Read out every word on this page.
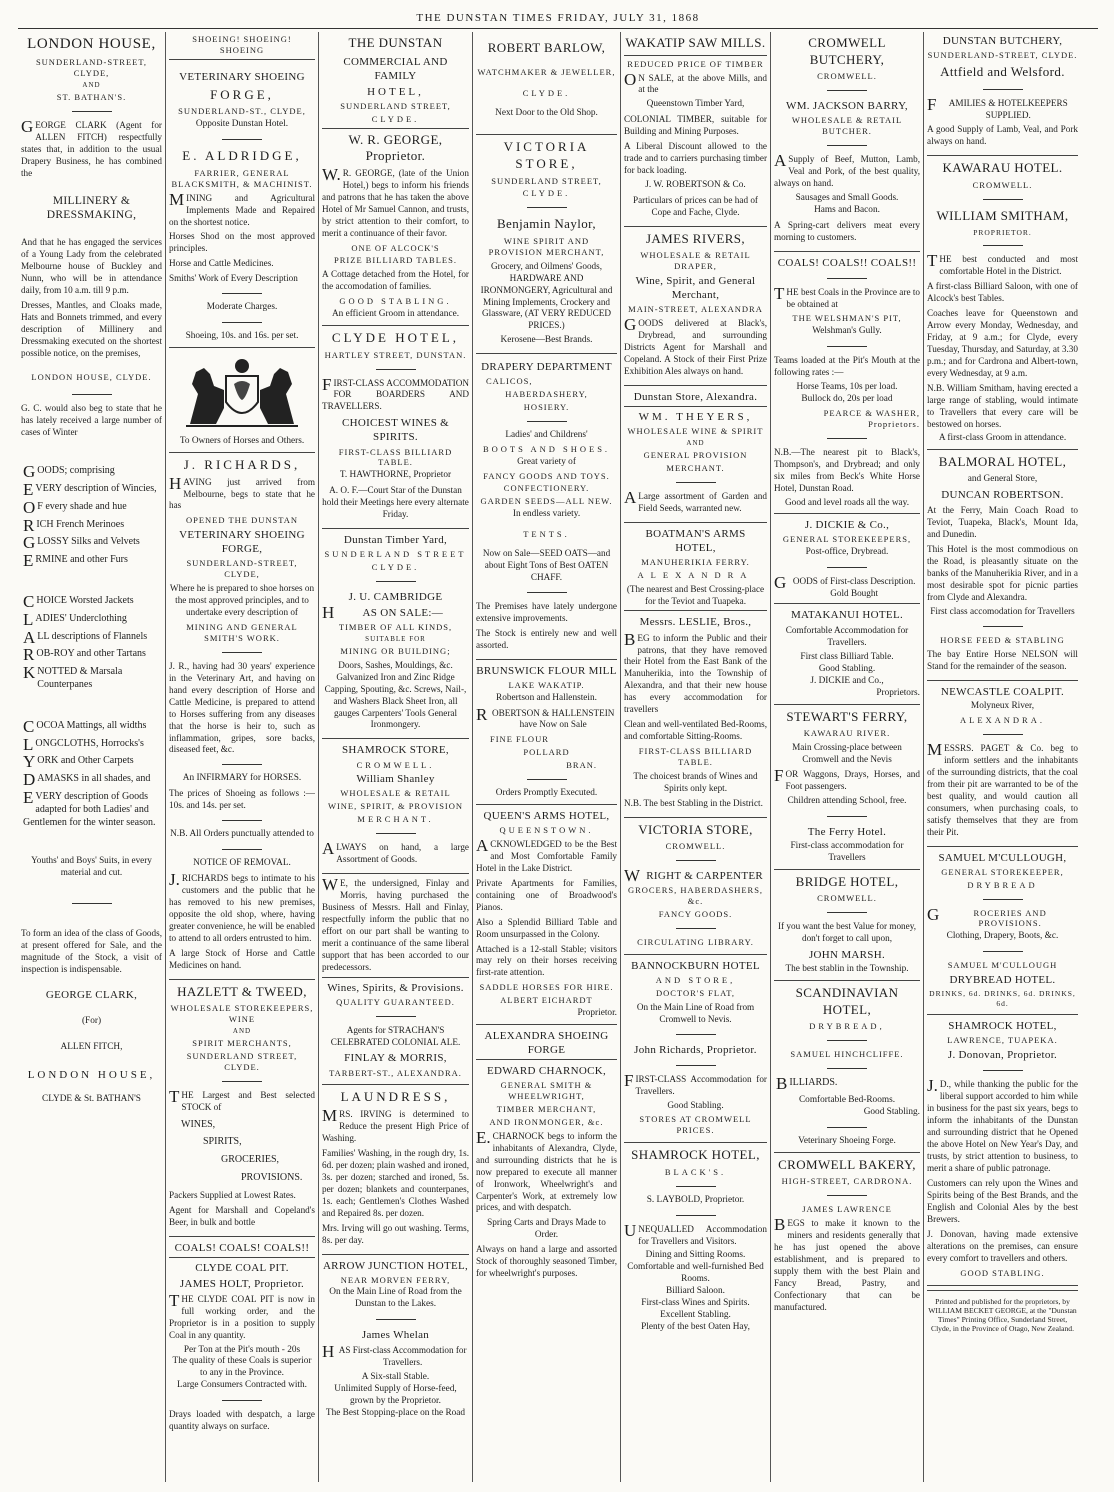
THE DUNSTAN TIMES FRIDAY, JULY 31, 1868
LONDON HOUSE,
SUNDERLAND-STREET, CLYDE,
AND
ST. BATHAN'S.
GEORGE CLARK (Agent for ALLEN FITCH) respectfully states that, in addition to the usual Drapery Business, he has combined the
MILLINERY & DRESSMAKING,
And that he has engaged the services of a Young Lady from the celebrated Melbourne house of Buckley and Nunn, who will be in attendance daily, from 10 a.m. till 9 p.m.
Dresses, Mantles, and Cloaks made, Hats and Bonnets trimmed, and every description of Millinery and Dressmaking executed on the shortest possible notice, on the premises,
LONDON HOUSE, CLYDE.
G. C. would also beg to state that he has lately received a large number of cases of Winter
GOODS; comprising
EVERY description of Wincies,
OF every shade and hue
RICH French Merinoes
GLOSSY Silks and Velvets
ERMINE and other Furs
CHOICE Worsted Jackets
LADIES' Underclothing
ALL descriptions of Flannels
ROB-ROY and other Tartans
KNOTTED & Marsala Counterpanes
COCOA Mattings, all widths
LONGCLOTHS, Horrocks's
YORK and Other Carpets
DAMASKS in all shades, and
EVERY description of Goods adapted for both Ladies' and Gentlemen for the winter season.
Youths' and Boys' Suits, in every material and cut.
To form an idea of the class of Goods, at present offered for Sale, and the magnitude of the Stock, a visit of inspection is indispensable.
GEORGE CLARK,
(For)
ALLEN FITCH,
LONDON HOUSE,
CLYDE & St. BATHAN'S
SHOEING! SHOEING! SHOEING
VETERINARY SHOEING
FORGE,
SUNDERLAND-ST., CLYDE,
Opposite Dunstan Hotel.
E. ALDRIDGE,
FARRIER, GENERAL BLACKSMITH, & MACHINIST.
MINING and Agricultural Implements Made and Repaired on the shortest notice.
Horses Shod on the most approved principles.
Horse and Cattle Medicines.
Smiths' Work of Every Description
Moderate Charges.
Shoeing, 10s. and 16s. per set.
To Owners of Horses and Others.
J. RICHARDS,
HAVING just arrived from Melbourne, begs to state that he has
OPENED THE DUNSTAN
VETERINARY SHOEING FORGE,
SUNDERLAND-STREET, CLYDE,
Where he is prepared to shoe horses on the most approved principles, and to undertake every description of
MINING AND GENERAL SMITH'S WORK.
J. R., having had 30 years' experience in the Veterinary Art, and having on hand every description of Horse and Cattle Medicine, is prepared to attend to Horses suffering from any diseases that the horse is heir to, such as inflammation, gripes, sore backs, diseased feet, &c.
An INFIRMARY for HORSES.
The prices of Shoeing as follows :— 10s. and 14s. per set.
N.B. All Orders punctually attended to
NOTICE OF REMOVAL.
J.RICHARDS begs to intimate to his customers and the public that he has removed to his new premises, opposite the old shop, where, having greater convenience, he will be enabled to attend to all orders entrusted to him.
A large Stock of Horse and Cattle Medicines on hand.
HAZLETT & TWEED,
WHOLESALE STOREKEEPERS, WINE
AND
SPIRIT MERCHANTS,
SUNDERLAND STREET, CLYDE.
THE Largest and Best selected STOCK of
WINES,
SPIRITS,
GROCERIES,
PROVISIONS.
Packers Supplied at Lowest Rates.
Agent for Marshall and Copeland's Beer, in bulk and bottle
COALS! COALS! COALS!!
CLYDE COAL PIT.
JAMES HOLT, Proprietor.
THE CLYDE COAL PIT is now in full working order, and the Proprietor is in a position to supply Coal in any quantity.
Per Ton at the Pit's mouth - 20s
The quality of these Coals is superior to any in the Province.
Large Consumers Contracted with.
Drays loaded with despatch, a large quantity always on surface.
THE DUNSTAN
COMMERCIAL AND FAMILY
HOTEL,
SUNDERLAND STREET,
CLYDE.
W. R. GEORGE, Proprietor.
W.R. GEORGE, (late of the Union Hotel,) begs to inform his friends and patrons that he has taken the above Hotel of Mr Samuel Cannon, and trusts, by strict attention to their comfort, to merit a continuance of their favor.
ONE OF ALCOCK'S
PRIZE BILLIARD TABLES.
A Cottage detached from the Hotel, for the accomodation of families.
GOOD STABLING.
An efficient Groom in attendance.
CLYDE HOTEL,
HARTLEY STREET, DUNSTAN.
FIRST-CLASS ACCOMMODATION FOR BOARDERS AND TRAVELLERS.
CHOICEST WINES & SPIRITS.
FIRST-CLASS BILLIARD TABLE.
T. HAWTHORNE, Proprietor
A. O. F.—Court Star of the Dunstan hold their Meetings here every alternate Friday.
Dunstan Timber Yard,
SUNDERLAND STREET
CLYDE.
J. U. CAMBRIDGE
HAS ON SALE:—
TIMBER OF ALL KINDS,
SUITABLE FOR
MINING OR BUILDING;
Doors, Sashes, Mouldings, &c. Galvanized Iron and Zinc Ridge Capping, Spouting, &c. Screws, Nail-, and Washers Black Sheet Iron, all gauges Carpenters' Tools General Ironmongery.
SHAMROCK STORE,
CROMWELL.
William Shanley
WHOLESALE & RETAIL
WINE, SPIRIT, & PROVISION
MERCHANT.
ALWAYS on hand, a large Assortment of Goods.
WE, the undersigned, Finlay and Morris, having purchased the Business of Messrs. Hall and Finlay, respectfully inform the public that no effort on our part shall be wanting to merit a continuance of the same liberal support that has been accorded to our predecessors.
Wines, Spirits, & Provisions.
QUALITY GUARANTEED.
Agents for STRACHAN'S CELEBRATED COLONIAL ALE.
FINLAY & MORRIS,
TARBERT-ST., ALEXANDRA.
LAUNDRESS,
MRS. IRVING is determined to Reduce the present High Price of Washing.
Families' Washing, in the rough dry, 1s. 6d. per dozen; plain washed and ironed, 3s. per dozen; starched and ironed, 5s. per dozen; blankets and counterpanes, 1s. each; Gentlemen's Clothes Washed and Repaired 8s. per dozen.
Mrs. Irving will go out washing. Terms, 8s. per day.
ARROW JUNCTION HOTEL,
NEAR MORVEN FERRY,
On the Main Line of Road from the Dunstan to the Lakes.
James Whelan
HAS First-class Accommodation for Travellers.
A Six-stall Stable.
Unlimited Supply of Horse-feed, grown by the Proprietor.
The Best Stopping-place on the Road
ROBERT BARLOW,
WATCHMAKER & JEWELLER,
CLYDE.
Next Door to the Old Shop.
VICTORIA STORE,
SUNDERLAND STREET,
CLYDE.
Benjamin Naylor,
WINE SPIRIT AND PROVISION MERCHANT,
Grocery, and Oilmens' Goods, HARDWARE AND IRONMONGERY, Agricultural and Mining Implements, Crockery and Glassware, (AT VERY REDUCED PRICES.)
Kerosene—Best Brands.
DRAPERY DEPARTMENT
CALICOS,
HABERDASHERY,
HOSIERY.
Ladies' and Childrens'
BOOTS AND SHOES.
Great variety of
FANCY GOODS AND TOYS.
CONFECTIONERY.
GARDEN SEEDS—ALL NEW.
In endless variety.
TENTS.
Now on Sale—SEED OATS—and about Eight Tons of Best OATEN CHAFF.
The Premises have lately undergone extensive improvements.
The Stock is entirely new and well assorted.
BRUNSWICK FLOUR MILL
LAKE WAKATIP.
Robertson and Hallenstein.
ROBERTSON & HALLENSTEIN have Now on Sale
FINE FLOUR
POLLARD
BRAN.
Orders Promptly Executed.
QUEEN'S ARMS HOTEL,
QUEENSTOWN.
ACKNOWLEDGED to be the Best and Most Comfortable Family Hotel in the Lake District.
Private Apartments for Families, containing one of Broadwood's Pianos.
Also a Splendid Billiard Table and Room unsurpassed in the Colony.
Attached is a 12-stall Stable; visitors may rely on their horses receiving first-rate attention.
SADDLE HORSES FOR HIRE.
ALBERT EICHARDT
Proprietor.
ALEXANDRA SHOEING FORGE
EDWARD CHARNOCK,
GENERAL SMITH & WHEELWRIGHT,
TIMBER MERCHANT,
AND IRONMONGER, &c.
E.CHARNOCK begs to inform the inhabitants of Alexandra, Clyde, and surrounding districts that he is now prepared to execute all manner of Ironwork, Wheelwright's and Carpenter's Work, at extremely low prices, and with despatch.
Spring Carts and Drays Made to Order.
Always on hand a large and assorted Stock of thoroughly seasoned Timber, for wheelwright's purposes.
WAKATIP SAW MILLS.
REDUCED PRICE OF TIMBER
ON SALE, at the above Mills, and at the
Queenstown Timber Yard,
COLONIAL TIMBER, suitable for Building and Mining Purposes.
A Liberal Discount allowed to the trade and to carriers purchasing timber for back loading.
J. W. ROBERTSON & Co.
Particulars of prices can be had of Cope and Fache, Clyde.
JAMES RIVERS,
WHOLESALE & RETAIL DRAPER,
Wine, Spirit, and General Merchant,
MAIN-STREET, ALEXANDRA
GOODS delivered at Black's, Drybread, and surrounding Districts Agent for Marshall and Copeland. A Stock of their First Prize Exhibition Ales always on hand.
Dunstan Store, Alexandra.
WM. THEYERS,
WHOLESALE WINE & SPIRIT
AND
GENERAL PROVISION
MERCHANT.
ALarge assortment of Garden and Field Seeds, warranted new.
BOATMAN'S ARMS HOTEL,
MANUHERIKIA FERRY.
ALEXANDRA
(The nearest and Best Crossing-place for the Teviot and Tuapeka.
Messrs. LESLIE, Bros.,
BEG to inform the Public and their patrons, that they have removed their Hotel from the East Bank of the Manuherikia, into the Township of Alexandra, and that their new house has every accommodation for travellers
Clean and well-ventilated Bed-Rooms, and comfortable Sitting-Rooms.
FIRST-CLASS BILLIARD TABLE.
The choicest brands of Wines and Spirits only kept.
N.B. The best Stabling in the District.
VICTORIA STORE,
CROMWELL.
WRIGHT & CARPENTER
GROCERS, HABERDASHERS, &c.
FANCY GOODS.
CIRCULATING LIBRARY.
BANNOCKBURN HOTEL
AND STORE,
DOCTOR'S FLAT,
On the Main Line of Road from Cromwell to Nevis.
John Richards, Proprietor.
FIRST-CLASS Accommodation for Travellers.
Good Stabling.
STORES AT CROMWELL PRICES.
SHAMROCK HOTEL,
BLACK'S.
S. LAYBOLD, Proprietor.
UNEQUALLED Accommodation for Travellers and Visitors.
Dining and Sitting Rooms.
Comfortable and well-furnished Bed Rooms.
Billiard Saloon.
First-class Wines and Spirits.
Excellent Stabling.
Plenty of the best Oaten Hay,
CROMWELL BUTCHERY,
CROMWELL.
WM. JACKSON BARRY,
WHOLESALE & RETAIL BUTCHER.
ASupply of Beef, Mutton, Lamb, Veal and Pork, of the best quality, always on hand.
Sausages and Small Goods.
Hams and Bacon.
A Spring-cart delivers meat every morning to customers.
COALS! COALS!! COALS!!
THE best Coals in the Province are to be obtained at
THE WELSHMAN'S PIT,
Welshman's Gully.
Teams loaded at the Pit's Mouth at the following rates :—
Horse Teams, 10s per load.
Bullock do, 20s per load
PEARCE & WASHER, Proprietors.
N.B.—The nearest pit to Black's, Thompson's, and Drybread; and only six miles from Beck's White Horse Hotel, Dunstan Road.
Good and level roads all the way.
J. DICKIE & Co.,
GENERAL STOREKEEPERS,
Post-office, Drybread.
GOODS of First-class Description. Gold Bought
MATAKANUI HOTEL.
Comfortable Accommodation for Travellers.
First class Billiard Table.
Good Stabling.
J. DICKIE and Co.,
Proprietors.
STEWART'S FERRY,
KAWARAU RIVER.
Main Crossing-place between Cromwell and the Nevis
FOR Waggons, Drays, Horses, and Foot passengers.
Children attending School, free.
The Ferry Hotel.
First-class accommodation for Travellers
BRIDGE HOTEL,
CROMWELL.
If you want the best Value for money, don't forget to call upon,
JOHN MARSH.
The best stablin in the Township.
SCANDINAVIAN HOTEL,
DRYBREAD,
SAMUEL HINCHCLIFFE.
BILLIARDS.
Comfortable Bed-Rooms.
Good Stabling.
Veterinary Shoeing Forge.
CROMWELL BAKERY,
HIGH-STREET, CARDRONA.
JAMES LAWRENCE
BEGS to make it known to the miners and residents generally that he has just opened the above establishment, and is prepared to supply them with the best Plain and Fancy Bread, Pastry, and Confectionary that can be manufactured.
DUNSTAN BUTCHERY,
SUNDERLAND-STREET, CLYDE.
Attfield and Welsford.
FAMILIES & HOTELKEEPERS SUPPLIED.
A good Supply of Lamb, Veal, and Pork always on hand.
KAWARAU HOTEL.
CROMWELL.
WILLIAM SMITHAM,
PROPRIETOR.
THE best conducted and most comfortable Hotel in the District.
A first-class Billiard Saloon, with one of Alcock's best Tables.
Coaches leave for Queenstown and Arrow every Monday, Wednesday, and Friday, at 9 a.m.; for Clyde, every Tuesday, Thursday, and Saturday, at 3.30 p.m.; and for Cardrona and Albert-town, every Wednesday, at 9 a.m.
N.B. William Smitham, having erected a large range of stabling, would intimate to Travellers that every care will be bestowed on horses.
A first-class Groom in attendance.
BALMORAL HOTEL,
and General Store,
DUNCAN ROBERTSON.
At the Ferry, Main Coach Road to Teviot, Tuapeka, Black's, Mount Ida, and Dunedin.
This Hotel is the most commodious on the Road, is pleasantly situate on the banks of the Manuherikia River, and in a most desirable spot for picnic parties from Clyde and Alexandra.
First class accomodation for Travellers
HORSE FEED & STABLING
The bay Entire Horse NELSON will Stand for the remainder of the season.
NEWCASTLE COALPIT.
Molyneux River,
ALEXANDRA.
MESSRS. PAGET & Co. beg to inform settlers and the inhabitants of the surrounding districts, that the coal from their pit are warranted to be of the best quality, and would caution all consumers, when purchasing coals, to satisfy themselves that they are from their Pit.
SAMUEL M'CULLOUGH,
GENERAL STOREKEEPER,
DRYBREAD
GROCERIES AND PROVISIONS.
Clothing, Drapery, Boots, &c.
SAMUEL M'CULLOUGH
DRYBREAD HOTEL.
DRINKS, 6d. DRINKS, 6d. DRINKS, 6d.
SHAMROCK HOTEL,
LAWRENCE, TUAPEKA.
J. Donovan, Proprietor.
J.D., while thanking the public for the liberal support accorded to him while in business for the past six years, begs to inform the inhabitants of the Dunstan and surrounding district that he Opened the above Hotel on New Year's Day, and trusts, by strict attention to business, to merit a share of public patronage.
Customers can rely upon the Wines and Spirits being of the Best Brands, and the English and Colonial Ales by the best Brewers.
J. Donovan, having made extensive alterations on the premises, can ensure every comfort to travellers and others.
GOOD STABLING.
Printed and published for the proprietors, by WILLIAM BECKET GEORGE, at the "Dunstan Times" Printing Office, Sunderland Street, Clyde, in the Province of Otago, New Zealand.
